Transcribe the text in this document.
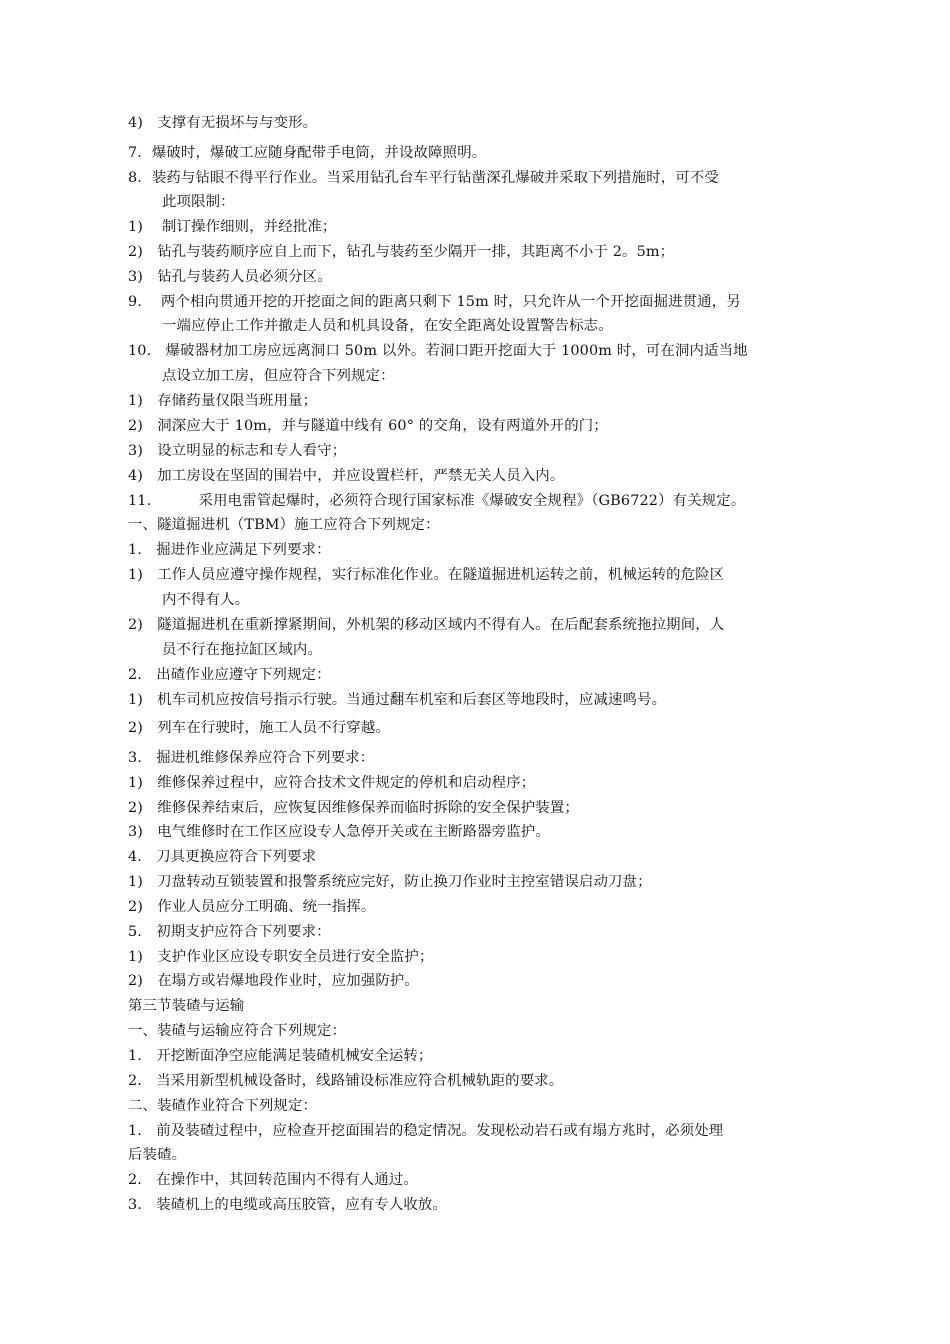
4)   支撑有无损坏与与变形。
7．爆破时，爆破工应随身配带手电筒，并设故障照明。
8．装药与钻眼不得平行作业。当采用钻孔台车平行钻凿深孔爆破并采取下列措施时，可不受
此项限制：
1)    制订操作细则，并经批准；
2)   钻孔与装药顺序应自上而下，钻孔与装药至少隔开一排，其距离不小于 2。5m；
3)   钻孔与装药人员必须分区。
9.    两个相向贯通开挖的开挖面之间的距离只剩下 15m 时，只允许从一个开挖面掘进贯通，另
一端应停止工作并撤走人员和机具设备，在安全距离处设置警告标志。
10.   爆破器材加工房应远离洞口 50m 以外。若洞口距开挖面大于 1000m 时，可在洞内适当地
点设立加工房，但应符合下列规定：
1)   存储药量仅限当班用量；
2)   洞深应大于 10m，并与隧道中线有 60° 的交角，设有两道外开的门；
3)   设立明显的标志和专人看守；
4)   加工房设在坚固的围岩中，并应设置栏杆，严禁无关人员入内。
11.          采用电雷管起爆时，必须符合现行国家标准《爆破安全规程》（GB6722）有关规定。
一、隧道掘进机（TBM）施工应符合下列规定：
1.   掘进作业应满足下列要求：
1)   工作人员应遵守操作规程，实行标准化作业。在隧道掘进机运转之前，机械运转的危险区
内不得有人。
2)   隧道掘进机在重新撑紧期间，外机架的移动区域内不得有人。在后配套系统拖拉期间，人
员不行在拖拉缸区域内。
2.   出碴作业应遵守下列规定：
1)   机车司机应按信号指示行驶。当通过翻车机室和后套区等地段时，应减速鸣号。
2)   列车在行驶时，施工人员不行穿越。
3.   掘进机维修保养应符合下列要求：
1)   维修保养过程中，应符合技术文件规定的停机和启动程序；
2)   维修保养结束后，应恢复因维修保养而临时拆除的安全保护装置；
3)   电气维修时在工作区应设专人急停开关或在主断路器旁监护。
4.   刀具更换应符合下列要求
1)   刀盘转动互锁装置和报警系统应完好，防止换刀作业时主控室错误启动刀盘；
2)   作业人员应分工明确、统一指挥。
5.   初期支护应符合下列要求：
1)   支护作业区应设专职安全员进行安全监护；
2)   在塌方或岩爆地段作业时，应加强防护。
第三节装碴与运输
一、装碴与运输应符合下列规定：
1.   开挖断面净空应能满足装碴机械安全运转；
2.   当采用新型机械设备时，线路铺设标准应符合机械轨距的要求。
二、装碴作业符合下列规定：
1.   前及装碴过程中，应检查开挖面围岩的稳定情况。发现松动岩石或有塌方兆时，必须处理
后装碴。
2.   在操作中，其回转范围内不得有人通过。
3.   装碴机上的电缆或高压胶管，应有专人收放。
